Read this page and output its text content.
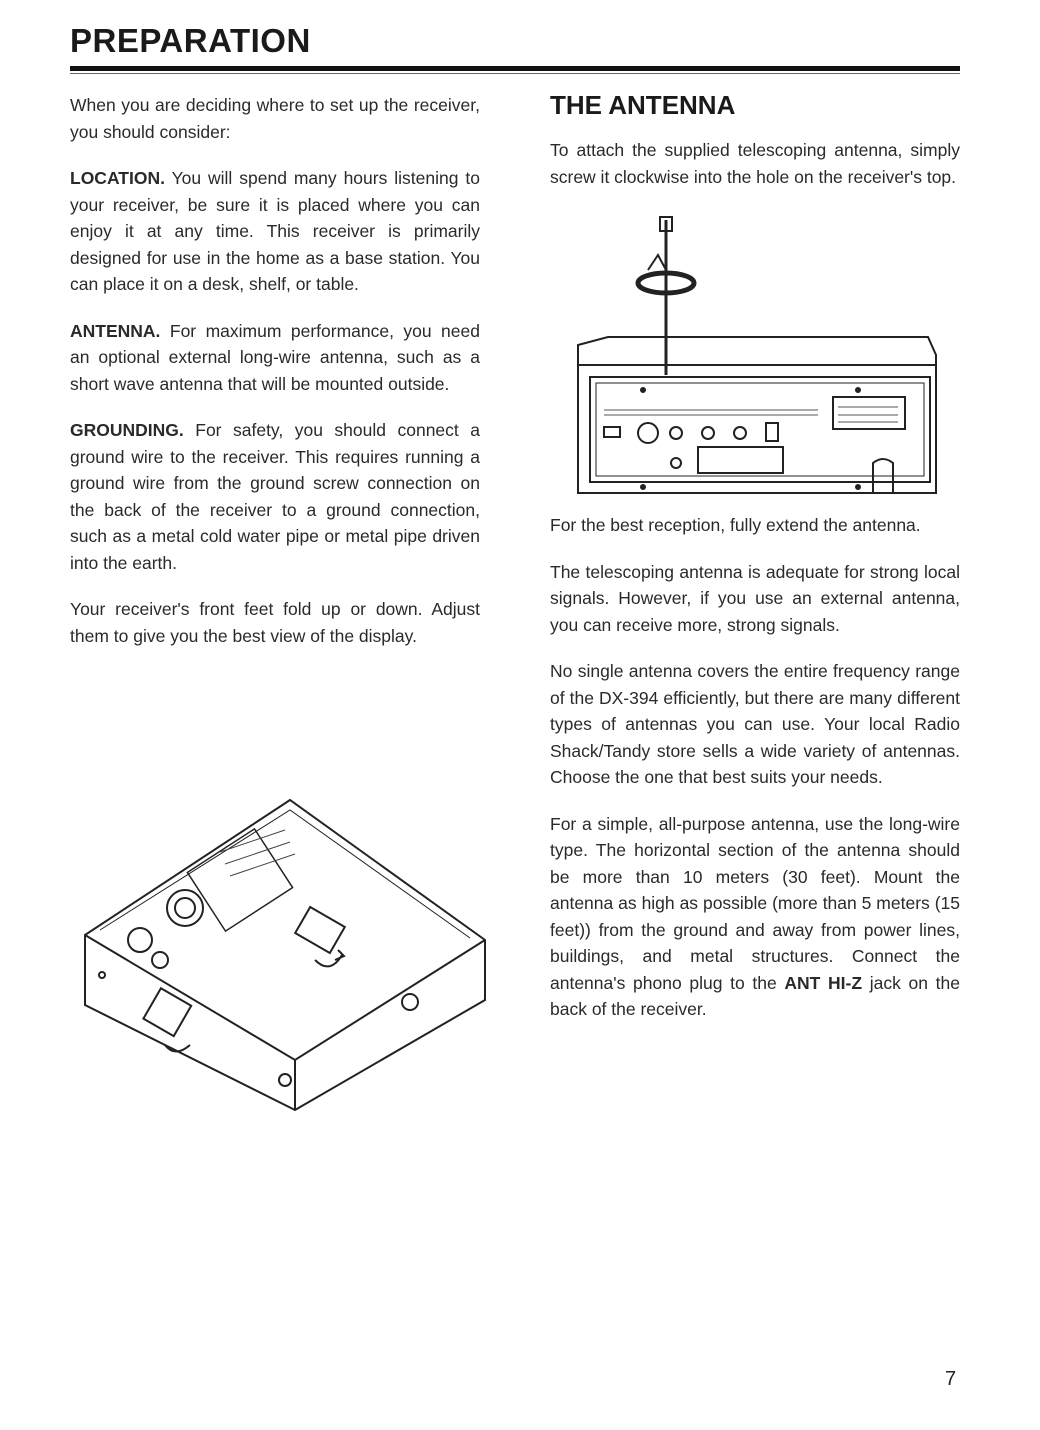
PREPARATION

When you are deciding where to set up the receiver, you should consider:

LOCATION. You will spend many hours listening to your receiver, be sure it is placed where you can enjoy it at any time. This receiver is primarily designed for use in the home as a base station. You can place it on a desk, shelf, or table.

ANTENNA. For maximum performance, you need an optional external long-wire antenna, such as a short wave antenna that will be mounted outside.

GROUNDING. For safety, you should connect a ground wire to the receiver. This requires running a ground wire from the ground screw connection on the back of the receiver to a ground connection, such as a metal cold water pipe or metal pipe driven into the earth.

Your receiver's front feet fold up or down. Adjust them to give you the best view of the display.

THE ANTENNA

To attach the supplied telescoping antenna, simply screw it clockwise into the hole on the receiver's top.

For the best reception, fully extend the antenna.

The telescoping antenna is adequate for strong local signals. However, if you use an external antenna, you can receive more, strong signals.

No single antenna covers the entire frequency range of the DX-394 efficiently, but there are many different types of antennas you can use. Your local Radio Shack/Tandy store sells a wide variety of antennas. Choose the one that best suits your needs.

For a simple, all-purpose antenna, use the long-wire type. The horizontal section of the antenna should be more than 10 meters (30 feet). Mount the antenna as high as possible (more than 5 meters (15 feet)) from the ground and away from power lines, buildings, and metal structures. Connect the antenna's phono plug to the ANT HI-Z jack on the back of the receiver.

7
